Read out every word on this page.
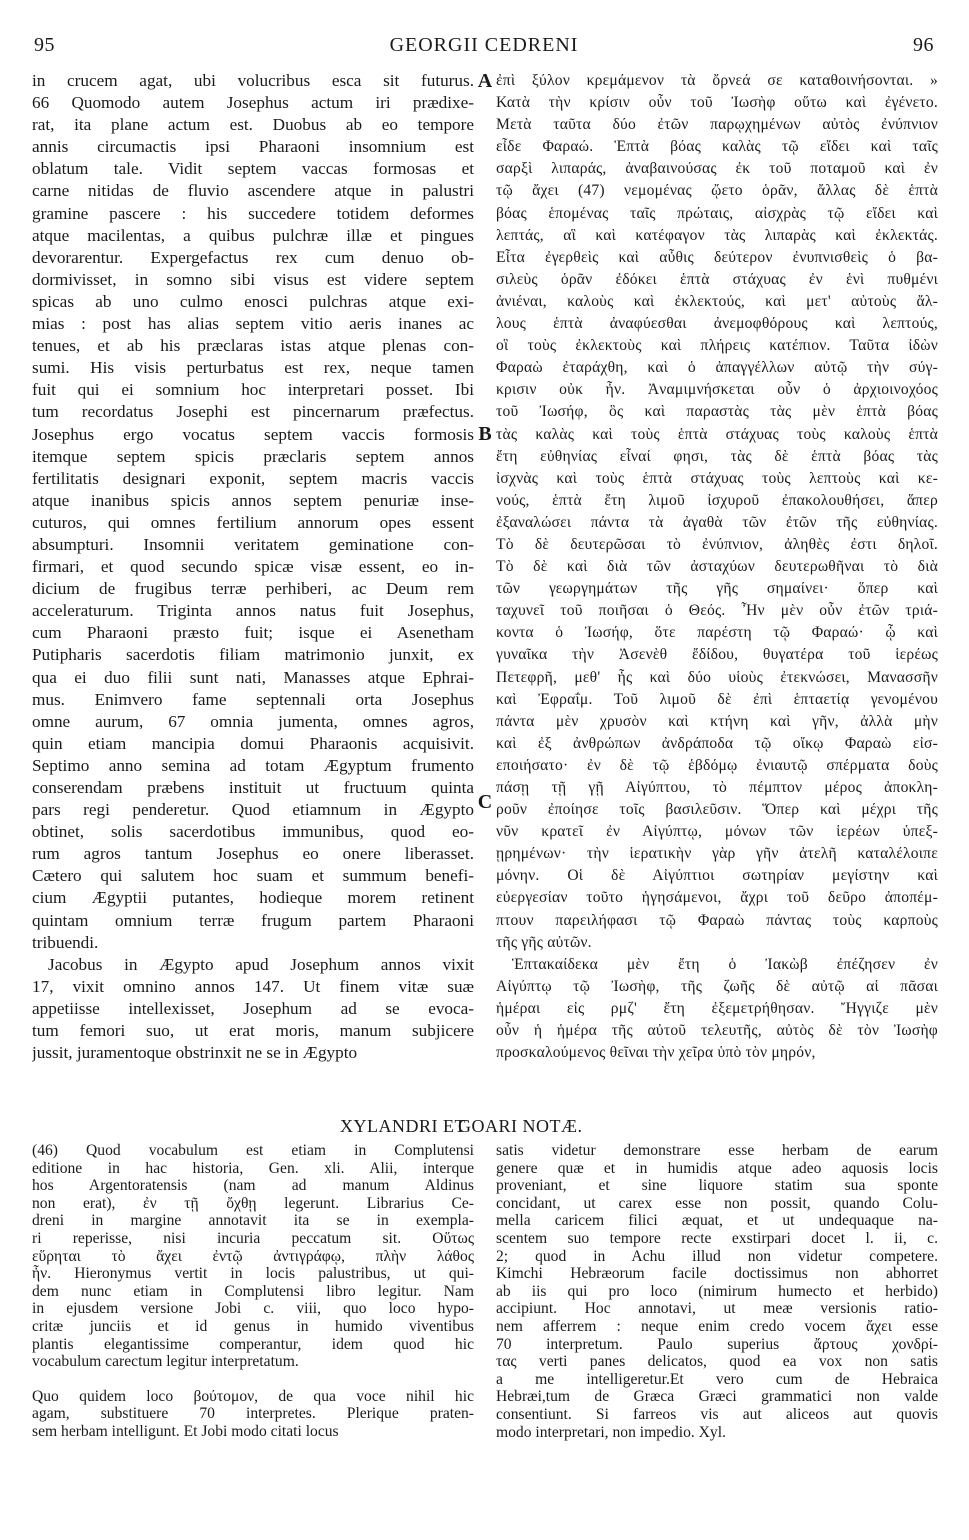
95	GEORGII CEDRENI	96
in crucem agat, ubi volucribus esca sit futurus.
66 Quomodo autem Josephus actum iri prædixe-
rat, ita plane actum est. Duobus ab eo tempore
annis circumactis ipsi Pharaoni insomnium est
oblatum tale. Vidit septem vaccas formosas et
carne nitidas de fluvio ascendere atque in palustri
gramine pascere : his succedere totidem deformes
atque macilentas, a quibus pulchræ illæ et pingues
devorarentur. Expergefactus rex cum denuo ob-
dormivisset, in somno sibi visus est videre septem
spicas ab uno culmo enosci pulchras atque exi-
mias : post has alias septem vitio aeris inanes ac
tenues, et ab his præclaras istas atque plenas con-
sumi. His visis perturbatus est rex, neque tamen
fuit qui ei somnium hoc interpretari posset. Ibi
tum recordatus Josephi est pincernarum præfectus.
Josephus ergo vocatus septem vaccis formosis
itemque septem spicis præclaris septem annos
fertilitatis designari exponit, septem macris vaccis
atque inanibus spicis annos septem penuriæ inse-
cuturos, qui omnes fertilium annorum opes essent
absumpturi. Insomnii veritatem geminatione con-
firmari, et quod secundo spicæ visæ essent, eo in-
dicium de frugibus terræ perhiberi, ac Deum rem
acceleraturum. Triginta annos natus fuit Josephus,
cum Pharaoni præsto fuit; isque ei Asenetham
Putipharis sacerdotis filiam matrimonio junxit, ex
qua ei duo filii sunt nati, Manasses atque Ephrai-
mus. Enimvero fame septennali orta Josephus
omne aurum, 67 omnia jumenta, omnes agros,
quin etiam mancipia domui Pharaonis acquisivit.
Septimo anno semina ad totam Ægyptum frumento
conserendam præbens instituit ut fructuum quinta
pars regi penderetur. Quod etiamnum in Ægypto
obtinet, solis sacerdotibus immunibus, quod eo-
rum agros tantum Josephus eo onere liberasset.
Cætero qui salutem hoc suam et summum benefi-
cium Ægyptii putantes, hodieque morem retinent
quintam omnium terræ frugum partem Pharaoni
tribuendi.
Jacobus in Ægypto apud Josephum annos vixit
17, vixit omnino annos 147. Ut finem vitæ suæ
appetiisse intellexisset, Josephum ad se evoca-
tum femori suo, ut erat moris, manum subjicere
jussit, juramentoque obstrinxit ne se in Ægypto
A
B
C
ἐπὶ ξύλον κρεμάμενον τὰ ὄρνεά σε καταθοινήσονται. »
Κατὰ τὴν κρίσιν οὖν τοῦ Ἰωσὴφ οὕτω καὶ ἐγένετο.
Μετὰ ταῦτα δύο ἐτῶν παρῳχημένων αὐτὸς ἐνύπνιον
εἶδε Φαραώ. Ἑπτὰ βόας καλὰς τῷ εἴδει καὶ ταῖς
σαρξὶ λιπαράς, ἀναβαινούσας ἐκ τοῦ ποταμοῦ καὶ ἐν
τῷ ἄχει (47) νεμομένας ᾤετο ὁρᾶν, ἄλλας δὲ ἑπτὰ
βόας ἑπομένας ταῖς πρώταις, αἰσχρὰς τῷ εἴδει καὶ
λεπτάς, αἳ καὶ κατέφαγον τὰς λιπαρὰς καὶ ἐκλεκτάς.
Εἶτα ἐγερθεὶς καὶ αὖθις δεύτερον ἐνυπνισθεὶς ὁ βα-
σιλεὺς ὁρᾶν ἐδόκει ἑπτὰ στάχυας ἐν ἑνὶ πυθμένι
ἀνιέναι, καλοὺς καὶ ἐκλεκτούς, καὶ μετ' αὐτοὺς ἄλ-
λους ἑπτὰ ἀναφύεσθαι ἀνεμοφθόρους καὶ λεπτούς,
οἳ τοὺς ἐκλεκτοὺς καὶ πλήρεις κατέπιον. Ταῦτα ἰδὼν
Φαραὼ ἐταράχθη, καὶ ὁ ἀπαγγέλλων αὐτῷ τὴν σύγ-
κρισιν οὐκ ἦν. Ἀναμιμνήσκεται οὖν ὁ ἀρχιοινοχόος
τοῦ Ἰωσήφ, ὃς καὶ παραστὰς τὰς μὲν ἑπτὰ βόας
τὰς καλὰς καὶ τοὺς ἑπτὰ στάχυας τοὺς καλοὺς ἑπτὰ
ἔτη εὐθηνίας εἶναί φησι, τὰς δὲ ἑπτὰ βόας τὰς
ἰσχνὰς καὶ τοὺς ἑπτὰ στάχυας τοὺς λεπτοὺς καὶ κε-
νούς, ἑπτὰ ἔτη λιμοῦ ἰσχυροῦ ἐπακολουθήσει, ἅπερ
ἐξαναλώσει πάντα τὰ ἀγαθὰ τῶν ἐτῶν τῆς εὐθηνίας.
Τὸ δὲ δευτερῶσαι τὸ ἐνύπνιον, ἀληθὲς ἐστι δηλοῖ.
Τὸ δὲ καὶ διὰ τῶν ἀσταχύων δευτερωθῆναι τὸ διὰ
τῶν γεωργημάτων τῆς γῆς σημαίνει· ὅπερ καὶ
ταχυνεῖ τοῦ ποιῆσαι ὁ Θεός. Ἦν μὲν οὖν ἐτῶν τριά-
κοντα ὁ Ἰωσήφ, ὅτε παρέστη τῷ Φαραώ· ᾧ καὶ
γυναῖκα τὴν Ἀσενὲθ ἔδίδου, θυγατέρα τοῦ ἱερέως
Πετεφρῆ, μεθ' ἧς καὶ δύο υἱοὺς ἐτεκνώσει, Μανασσῆν
καὶ Ἐφραΐμ. Τοῦ λιμοῦ δὲ ἐπὶ ἑπταετίᾳ γενομένου
πάντα μὲν χρυσὸν καὶ κτήνη καὶ γῆν, ἀλλὰ μὴν
καὶ ἐξ ἀνθρώπων ἀνδράποδα τῷ οἴκῳ Φαραὼ εἰσ-
εποιήσατο· ἐν δὲ τῷ ἑβδόμῳ ἐνιαυτῷ σπέρματα δοὺς
πάσῃ τῇ γῇ Αἰγύπτου, τὸ πέμπτον μέρος ἀποκλη-
ροῦν ἐποίησε τοῖς βασιλεῦσιν. Ὅπερ καὶ μέχρι τῆς
νῦν κρατεῖ ἐν Αἰγύπτῳ, μόνων τῶν ἱερέων ὑπεξ-
ῃρημένων· τὴν ἱερατικὴν γὰρ γῆν ἀτελῆ καταλέλοιπε
μόνην. Οἱ δὲ Αἰγύπτιοι σωτηρίαν μεγίστην καὶ
εὐεργεσίαν τοῦτο ἡγησάμενοι, ἄχρι τοῦ δεῦρο ἀποπέμ-
πτουν παρειλήφασι τῷ Φαραὼ πάντας τοὺς καρποὺς
τῆς γῆς αὐτῶν.
Ἑπτακαίδεκα μὲν ἔτη ὁ Ἰακὼβ ἐπέζησεν ἐν
Αἰγύπτῳ τῷ Ἰωσὴφ, τῆς ζωῆς δὲ αὐτῷ αἱ πᾶσαι
ἡμέραι εἰς ρμζ' ἔτη ἐξεμετρήθησαν. Ἤγγιζε μὲν
οὖν ἡ ἡμέρα τῆς αὐτοῦ τελευτῆς, αὐτὸς δὲ τὸν Ἰωσὴφ
προσκαλούμενος θεῖναι τὴν χεῖρα ὑπὸ τὸν μηρόν,
XYLANDRI ET
GOARI NOTÆ.
(46) Quod vocabulum est etiam in Complutensi
editione in hac historia, Gen. xli. Alii, interque
hos Argentoratensis (nam ad manum Aldinus
non erat), ἐν τῇ ὄχθῃ legerunt. Librarius Ce-
dreni in margine annotavit ita se in exempla-
ri reperisse, nisi incuria peccatum sit. Οὕτως
εὕρηται τὸ ἄχει ἐντῷ ἀντιγράφῳ, πλὴν λάθος
ἦν. Hieronymus vertit in locis palustribus, ut qui-
dem nunc etiam in Complutensi libro legitur. Nam
in ejusdem versione Jobi c. viii, quo loco hypo-
critæ junciis et id genus in humido viventibus
plantis elegantissime comperantur, idem quod hic
vocabulum carectum legitur interpretatum.
Quo quidem loco βούτομον, de qua voce nihil hic
agam, substituere 70 interpretes. Plerique praten-
sem herbam intelligunt. Et Jobi modo citati locus
satis videtur demonstrare esse herbam de earum
genere quæ et in humidis atque adeo aquosis locis
proveniant, et sine liquore statim sua sponte
concidant, ut carex esse non possit, quando Colu-
mella caricem filici æquat, et ut undequaque na-
scentem suo tempore recte exstirpari docet l. ii, c.
2; quod in Achu illud non videtur competere.
Kimchi Hebræorum facile doctissimus non abhorret
ab iis qui pro loco (nimirum humecto et herbido)
accipiunt. Hoc annotavi, ut meæ versionis ratio-
nem afferrem : neque enim credo vocem ἄχει esse
70 interpretum. Paulo superius ἄρτους χονδρί-
τας verti panes delicatos, quod ea vox non satis
a me intelligeretur.Et vero cum de Hebraica
Hebræi,tum de Græca Græci grammatici non valde
consentiunt. Si farreos vis aut aliceos aut quovis
modo interpretari, non impedio. Xyl.
